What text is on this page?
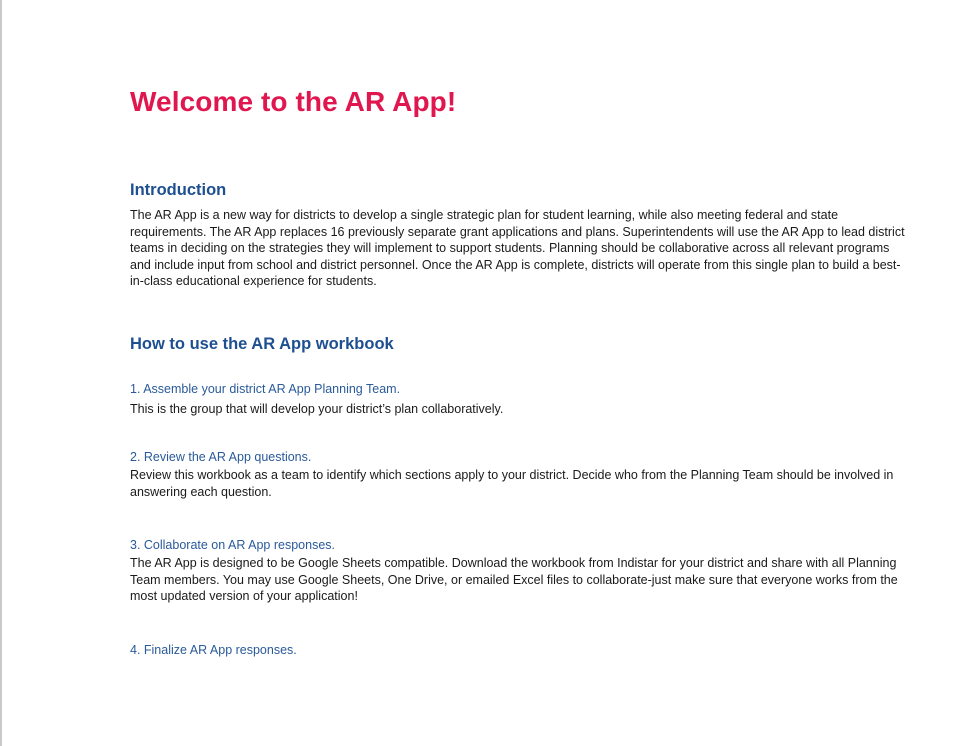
Welcome to the AR App!
Introduction

The AR App is a new way for districts to develop a single strategic plan for student learning, while also meeting federal and state requirements. The AR App replaces 16 previously separate grant applications and plans. Superintendents will use the AR App to lead district teams in deciding on the strategies they will implement to support students. Planning should be collaborative across all relevant programs and include input from school and district personnel. Once the AR App is complete, districts will operate from this single plan to build a best-in-class educational experience for students.

How to use the AR App workbook

1. Assemble your district AR App Planning Team.

This is the group that will develop your district’s plan collaboratively.

2. Review the AR App questions.

Review this workbook as a team to identify which sections apply to your district. Decide who from the Planning Team should be involved in answering each question.

3. Collaborate on AR App responses.

The AR App is designed to be Google Sheets compatible. Download the workbook from Indistar for your district and share with all Planning Team members. You may use Google Sheets, One Drive, or emailed Excel files to collaborate-just make sure that everyone works from the most updated version of your application!

4. Finalize AR App responses.
